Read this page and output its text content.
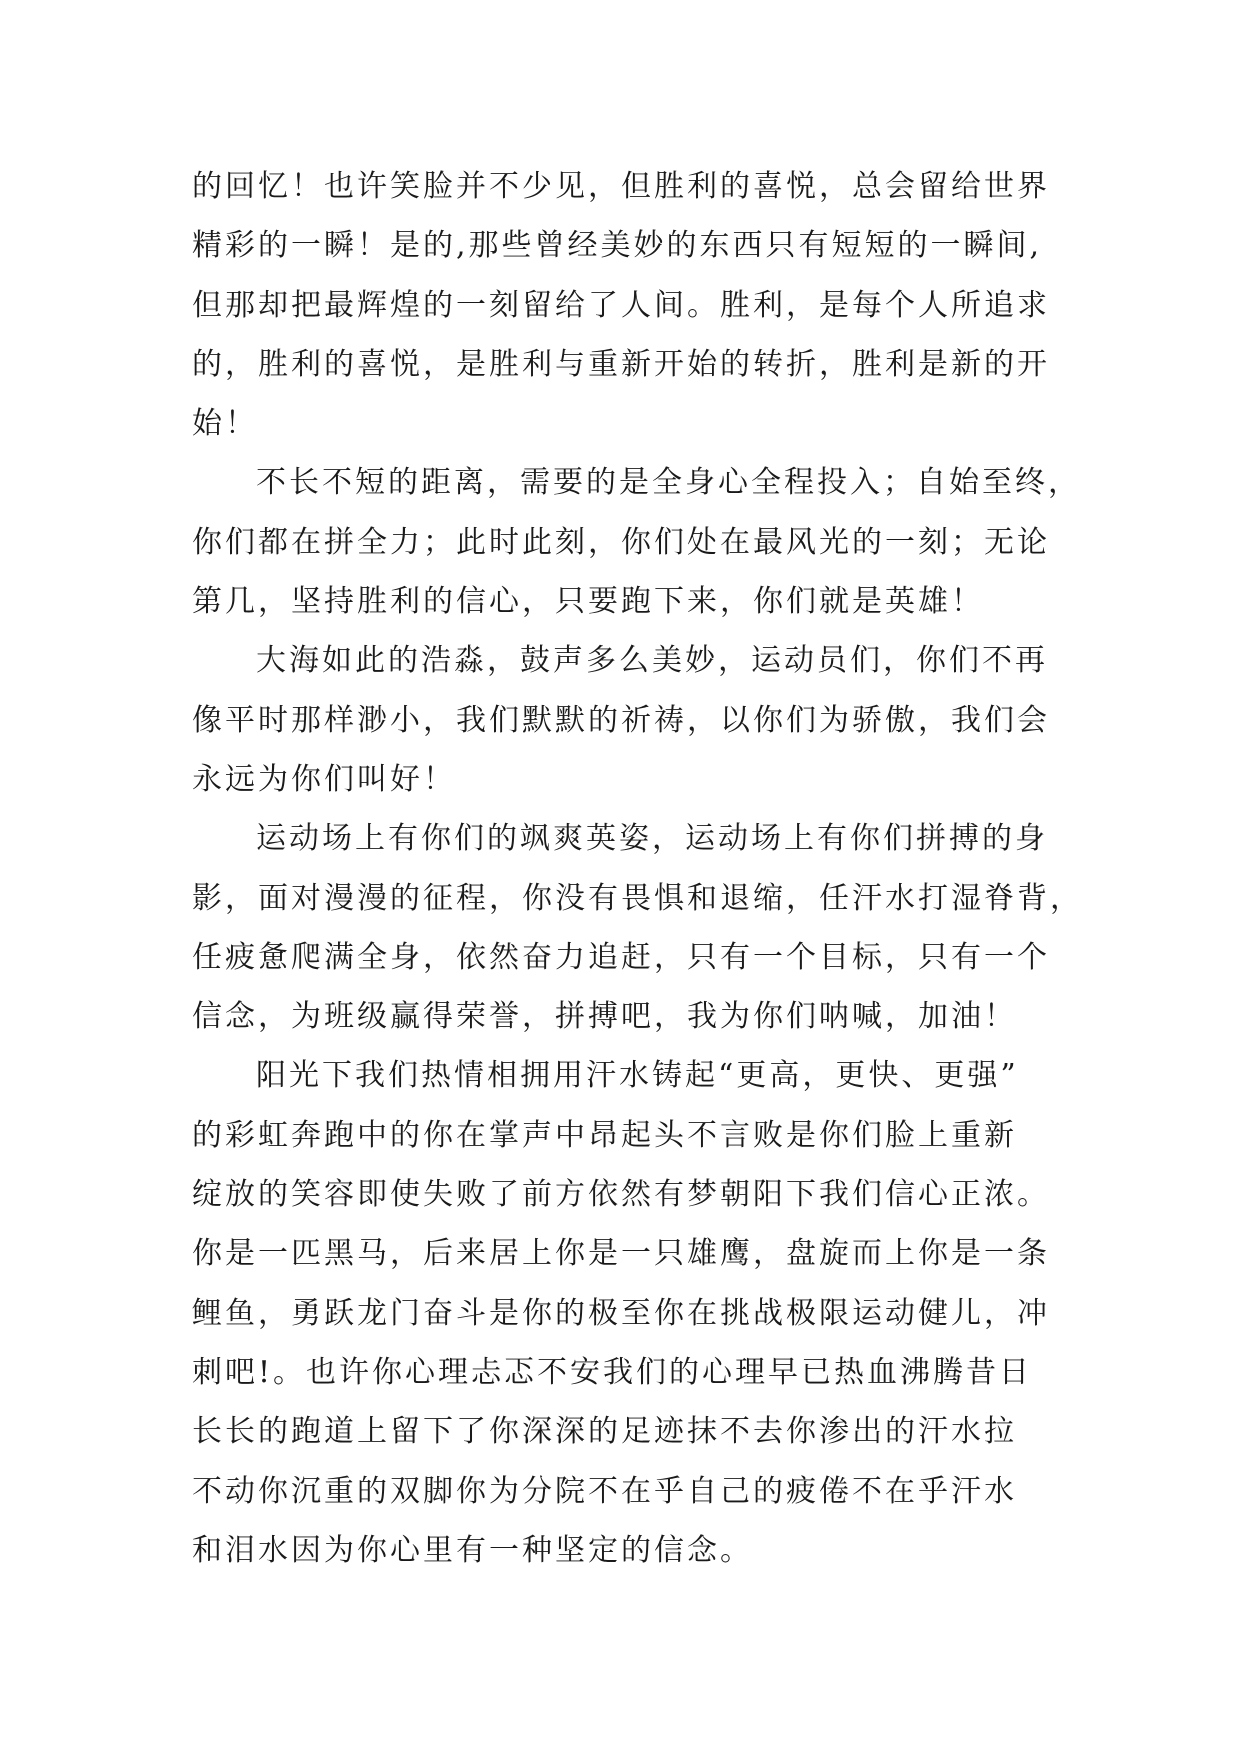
的回忆！也许笑脸并不少见，但胜利的喜悦，总会留给世界
精彩的一瞬！是的,那些曾经美妙的东西只有短短的一瞬间,
但那却把最辉煌的一刻留给了人间。胜利，是每个人所追求
的，胜利的喜悦，是胜利与重新开始的转折，胜利是新的开
始！
不长不短的距离，需要的是全身心全程投入；自始至终，
你们都在拼全力；此时此刻，你们处在最风光的一刻；无论
第几，坚持胜利的信心，只要跑下来，你们就是英雄！
大海如此的浩淼，鼓声多么美妙，运动员们，你们不再
像平时那样渺小，我们默默的祈祷，以你们为骄傲，我们会
永远为你们叫好！
运动场上有你们的飒爽英姿，运动场上有你们拼搏的身
影，面对漫漫的征程，你没有畏惧和退缩，任汗水打湿脊背，
任疲惫爬满全身，依然奋力追赶，只有一个目标，只有一个
信念，为班级赢得荣誉，拼搏吧，我为你们呐喊，加油！
阳光下我们热情相拥用汗水铸起“更高，更快、更强”
的彩虹奔跑中的你在掌声中昂起头不言败是你们脸上重新
绽放的笑容即使失败了前方依然有梦朝阳下我们信心正浓。
你是一匹黑马，后来居上你是一只雄鹰，盘旋而上你是一条
鲤鱼，勇跃龙门奋斗是你的极至你在挑战极限运动健儿，冲
刺吧!。也许你心理忐忑不安我们的心理早已热血沸腾昔日
长长的跑道上留下了你深深的足迹抹不去你渗出的汗水拉
不动你沉重的双脚你为分院不在乎自己的疲倦不在乎汗水
和泪水因为你心里有一种坚定的信念。
